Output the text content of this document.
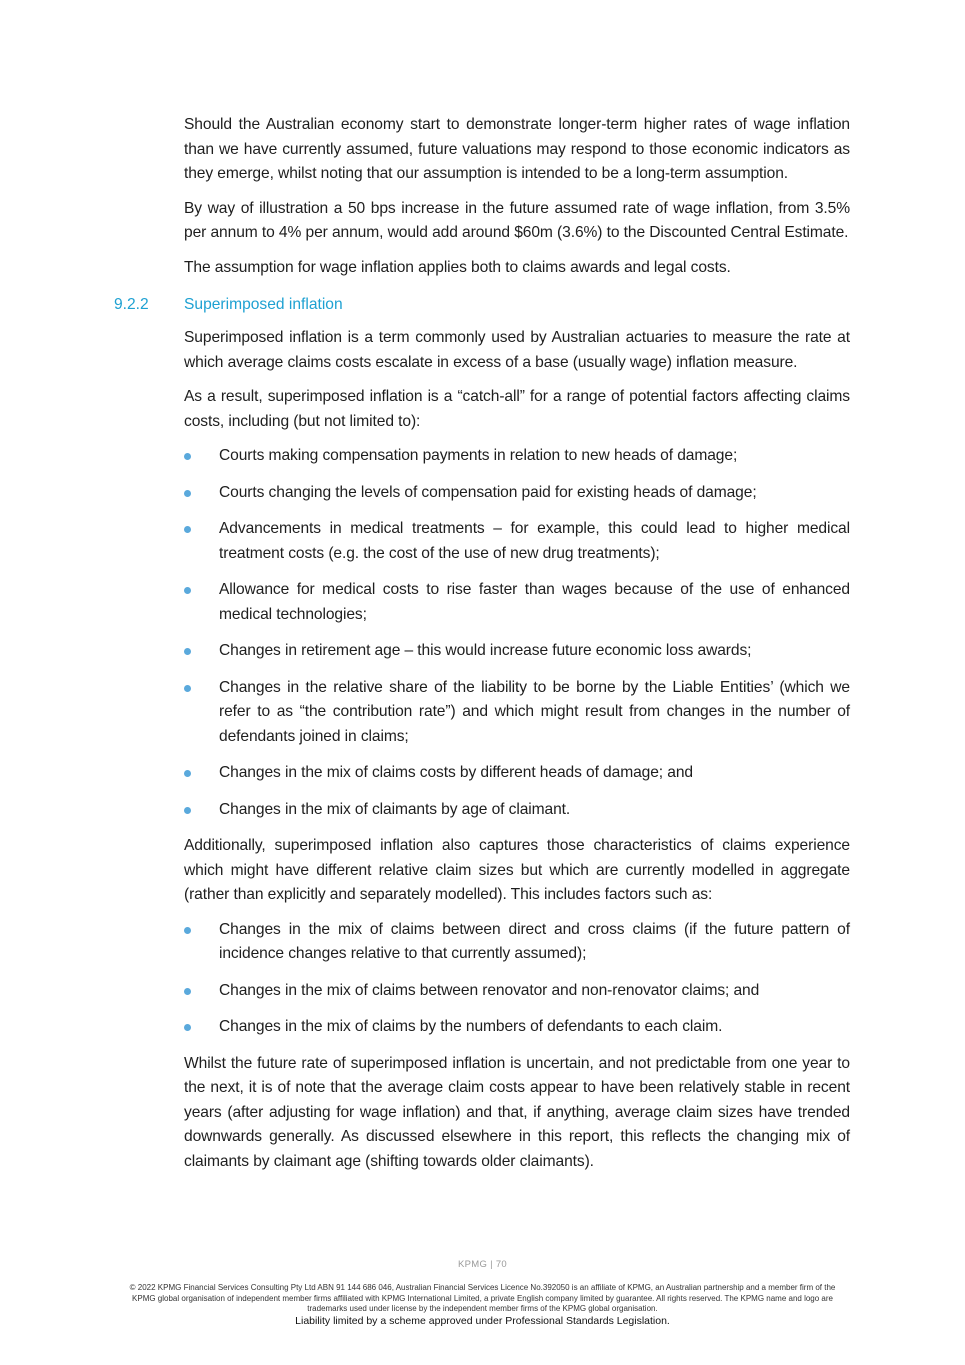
Should the Australian economy start to demonstrate longer-term higher rates of wage inflation than we have currently assumed, future valuations may respond to those economic indicators as they emerge, whilst noting that our assumption is intended to be a long-term assumption.

By way of illustration a 50 bps increase in the future assumed rate of wage inflation, from 3.5% per annum to 4% per annum, would add around $60m (3.6%) to the Discounted Central Estimate.

The assumption for wage inflation applies both to claims awards and legal costs.

9.2.2 Superimposed inflation

Superimposed inflation is a term commonly used by Australian actuaries to measure the rate at which average claims costs escalate in excess of a base (usually wage) inflation measure.

As a result, superimposed inflation is a “catch-all” for a range of potential factors affecting claims costs, including (but not limited to):

Courts making compensation payments in relation to new heads of damage;
Courts changing the levels of compensation paid for existing heads of damage;
Advancements in medical treatments – for example, this could lead to higher medical treatment costs (e.g. the cost of the use of new drug treatments);
Allowance for medical costs to rise faster than wages because of the use of enhanced medical technologies;
Changes in retirement age – this would increase future economic loss awards;
Changes in the relative share of the liability to be borne by the Liable Entities’ (which we refer to as “the contribution rate”) and which might result from changes in the number of defendants joined in claims;
Changes in the mix of claims costs by different heads of damage; and
Changes in the mix of claimants by age of claimant.

Additionally, superimposed inflation also captures those characteristics of claims experience which might have different relative claim sizes but which are currently modelled in aggregate (rather than explicitly and separately modelled). This includes factors such as:

Changes in the mix of claims between direct and cross claims (if the future pattern of incidence changes relative to that currently assumed);
Changes in the mix of claims between renovator and non-renovator claims; and
Changes in the mix of claims by the numbers of defendants to each claim.

Whilst the future rate of superimposed inflation is uncertain, and not predictable from one year to the next, it is of note that the average claim costs appear to have been relatively stable in recent years (after adjusting for wage inflation) and that, if anything, average claim sizes have trended downwards generally. As discussed elsewhere in this report, this reflects the changing mix of claimants by claimant age (shifting towards older claimants).

KPMG | 70
© 2022 KPMG Financial Services Consulting Pty Ltd ABN 91 144 686 046, Australian Financial Services Licence No.392050 is an affiliate of KPMG, an Australian partnership and a member firm of the KPMG global organisation of independent member firms affiliated with KPMG International Limited, a private English company limited by guarantee. All rights reserved. The KPMG name and logo are trademarks used under license by the independent member firms of the KPMG global organisation.
Liability limited by a scheme approved under Professional Standards Legislation.
